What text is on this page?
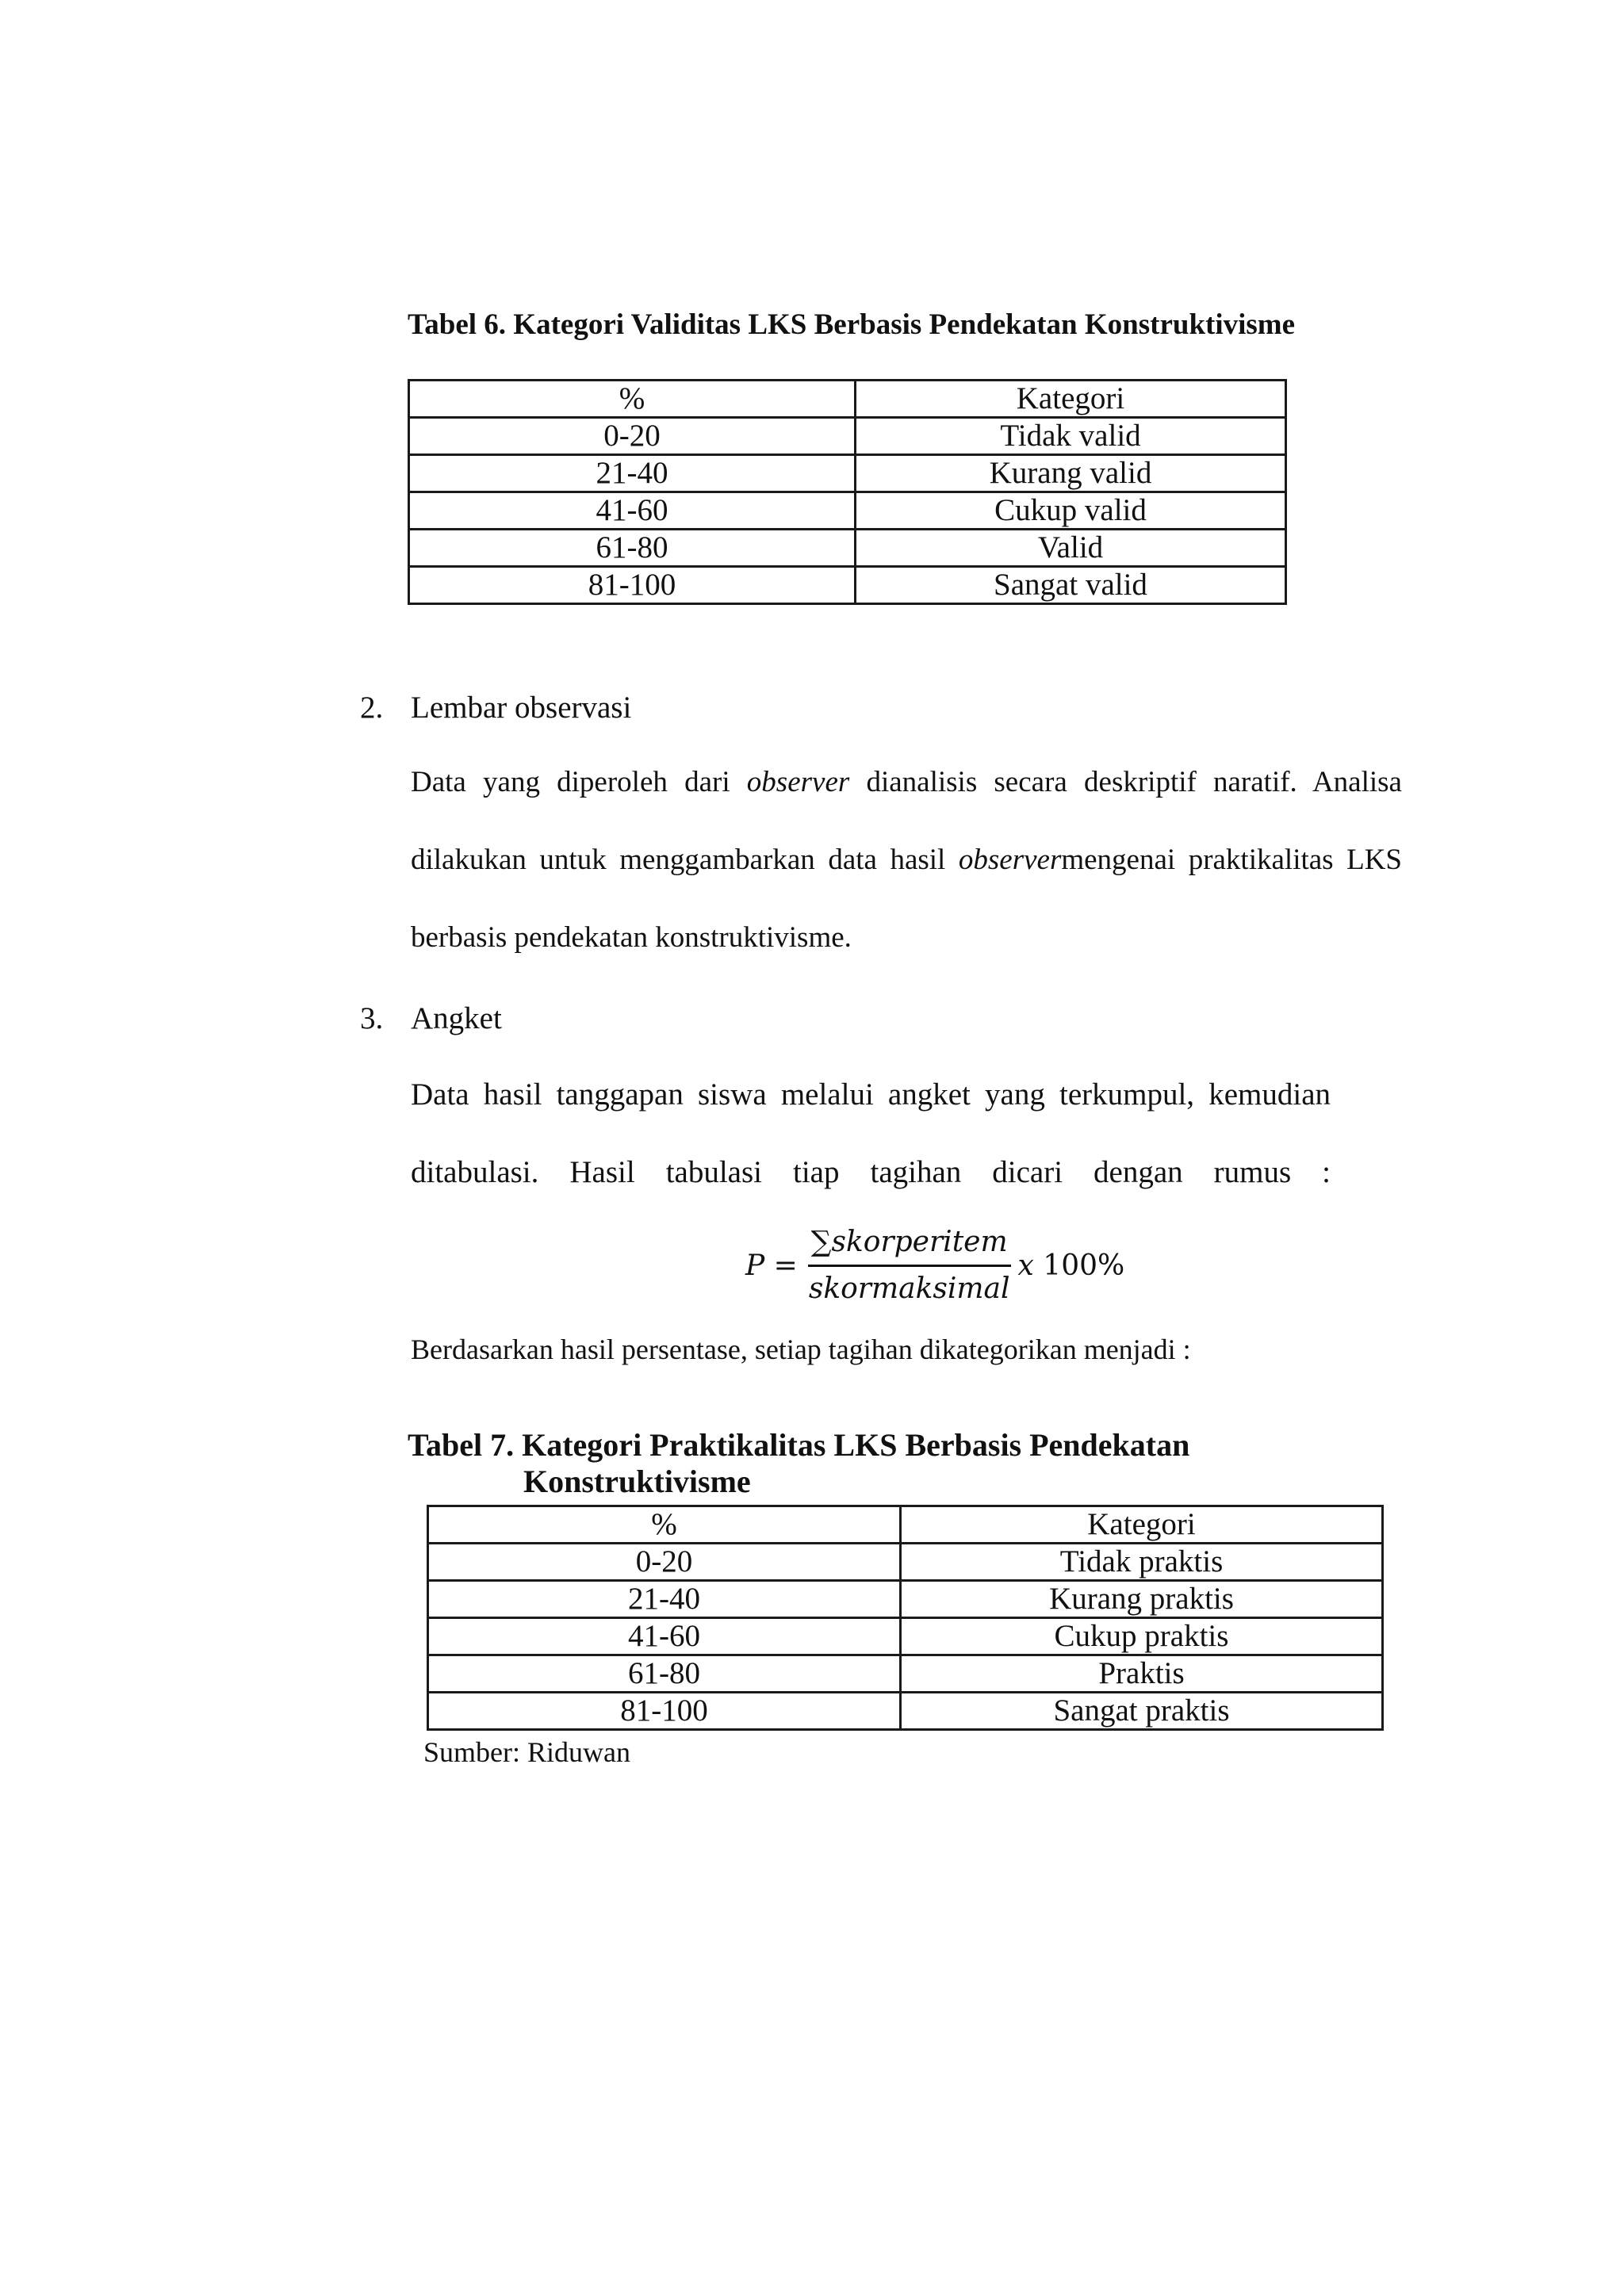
Tabel 6. Kategori Validitas LKS Berbasis Pendekatan Konstruktivisme

%	Kategori
0-20	Tidak valid
21-40	Kurang valid
41-60	Cukup valid
61-80	Valid
81-100	Sangat valid

2. Lembar observasi

Data yang diperoleh dari observer dianalisis secara deskriptif naratif. Analisa
dilakukan untuk menggambarkan data hasil observermengenai praktikalitas LKS
berbasis pendekatan konstruktivisme.

3. Angket

Data hasil tanggapan siswa melalui angket yang terkumpul, kemudian
ditabulasi. Hasil tabulasi tiap tagihan dicari dengan rumus :
$P = \frac{\text{∑skorperitem}}{\text{skormaksimal}}$ x
100%

Berdasarkan hasil persentase, setiap tagihan dikategorikan menjadi :

Tabel 7. Kategori Praktikalitas LKS Berbasis Pendekatan
Konstruktivisme

%	Kategori
0-20	Tidak praktis
21-40	Kurang praktis
41-60	Cukup praktis
61-80	Praktis
81-100	Sangat praktis

Sumber: Riduwan
